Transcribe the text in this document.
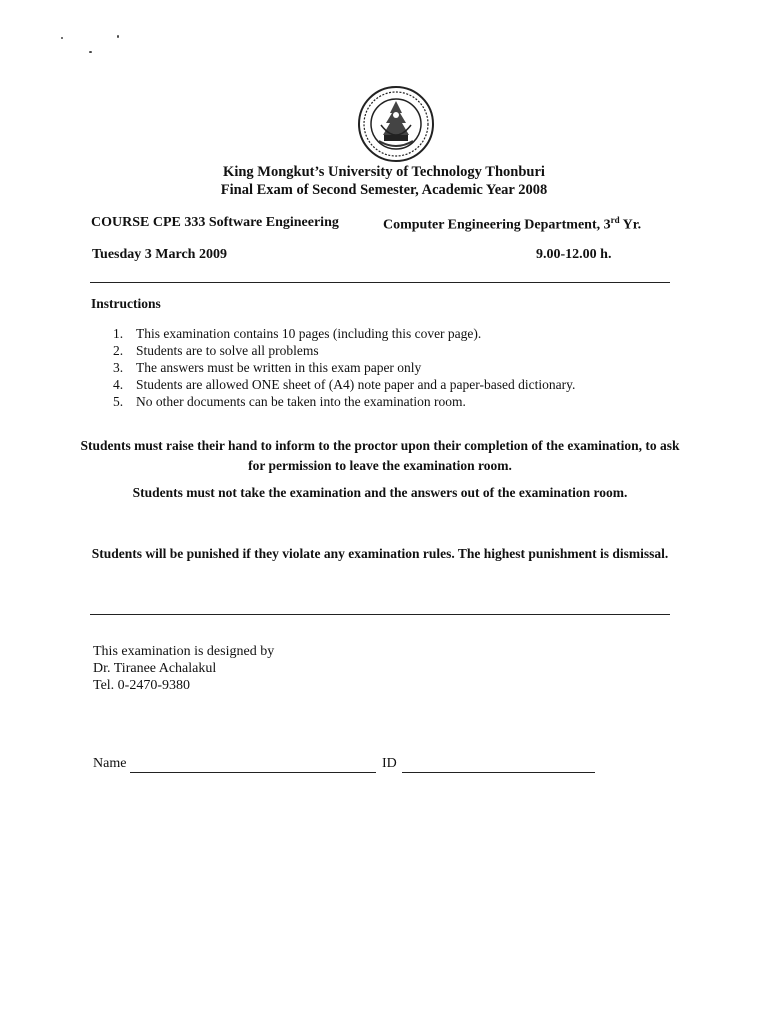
King Mongkut’s University of Technology Thonburi
Final Exam of Second Semester, Academic Year 2008
COURSE CPE 333 Software Engineering	Computer Engineering Department, 3rd Yr.
Tuesday 3 March 2009	9.00-12.00 h.
Instructions
1. This examination contains 10 pages (including this cover page).
2. Students are to solve all problems
3. The answers must be written in this exam paper only
4. Students are allowed ONE sheet of (A4) note paper and a paper-based dictionary.
5. No other documents can be taken into the examination room.
Students must raise their hand to inform to the proctor upon their completion of the examination, to ask for permission to leave the examination room.
Students must not take the examination and the answers out of the examination room.
Students will be punished if they violate any examination rules. The highest punishment is dismissal.
This examination is designed by
Dr. Tiranee Achalakul
Tel. 0-2470-9380
Name	ID
